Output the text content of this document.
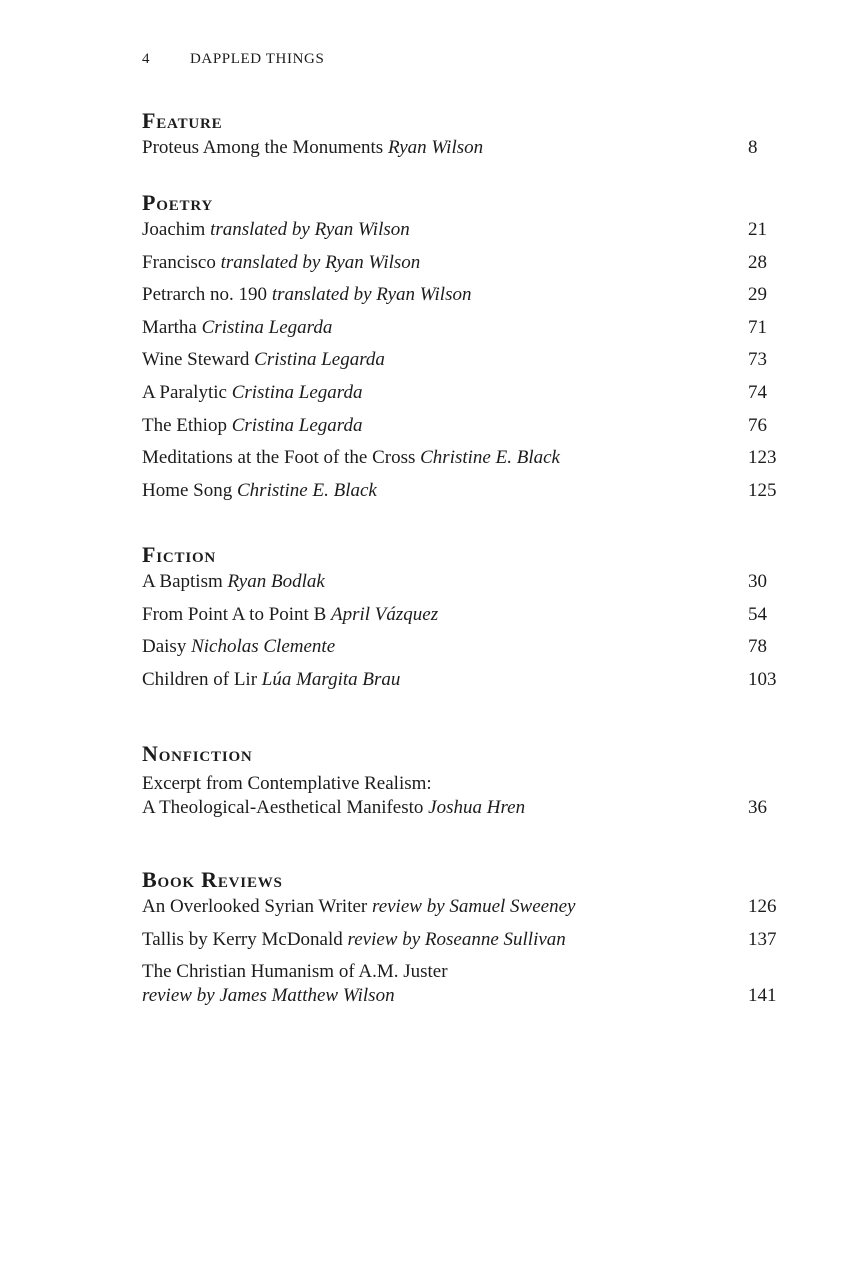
4	DAPPLED THINGS
Feature
Proteus Among the Monuments Ryan Wilson	8
Poetry
Joachim translated by Ryan Wilson	21
Francisco translated by Ryan Wilson	28
Petrarch no. 190 translated by Ryan Wilson	29
Martha Cristina Legarda	71
Wine Steward Cristina Legarda	73
A Paralytic Cristina Legarda	74
The Ethiop Cristina Legarda	76
Meditations at the Foot of the Cross Christine E. Black	123
Home Song Christine E. Black	125
Fiction
A Baptism Ryan Bodlak	30
From Point A to Point B April Vázquez	54
Daisy Nicholas Clemente	78
Children of Lir Lúa Margita Brau	103
Nonfiction
Excerpt from Contemplative Realism:
A Theological-Aesthetical Manifesto Joshua Hren	36
Book Reviews
An Overlooked Syrian Writer review by Samuel Sweeney	126
Tallis by Kerry McDonald review by Roseanne Sullivan	137
The Christian Humanism of A.M. Juster
review by James Matthew Wilson	141
